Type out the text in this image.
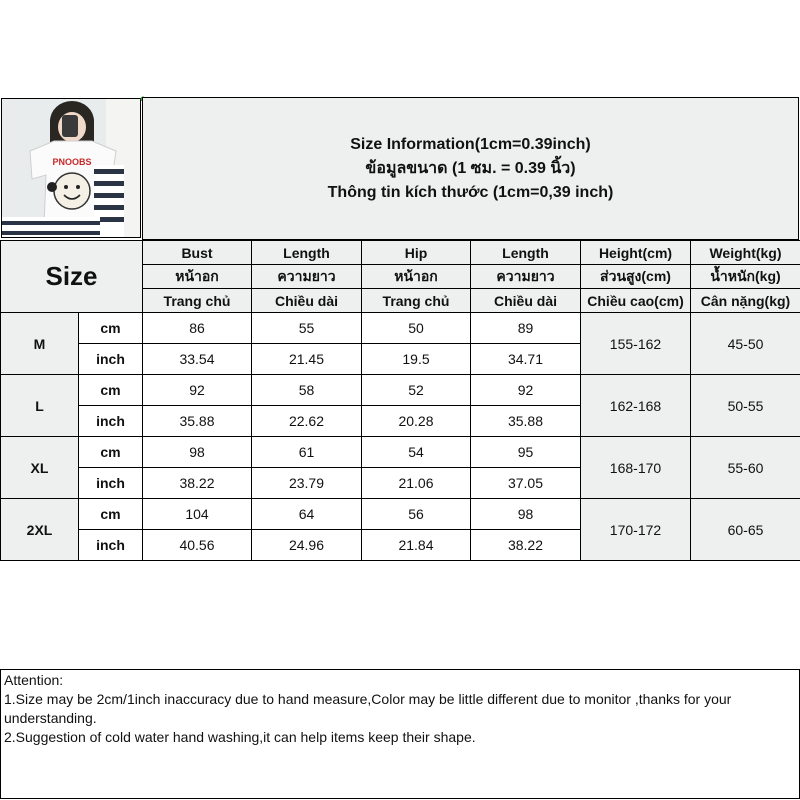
PNOOBS
Size Information(1cm=0.39inch)
ข้อมูลขนาด (1 ซม. = 0.39 นิ้ว)
Thông tin kích thước (1cm=0,39 inch)
Size		Bust	Length	Hip	Length	Height(cm)	Weight(kg)
		หน้าอก	ความยาว	หน้าอก	ความยาว	ส่วนสูง(cm)	น้ำหนัก(kg)
		Trang chủ	Chiều dài	Trang chủ	Chiều dài	Chiều cao(cm)	Cân nặng(kg)
M	cm	86	55	50	89	155-162	45-50
	inch	33.54	21.45	19.5	34.71		
L	cm	92	58	52	92	162-168	50-55
	inch	35.88	22.62	20.28	35.88		
XL	cm	98	61	54	95	168-170	55-60
	inch	38.22	23.79	21.06	37.05		
2XL	cm	104	64	56	98	170-172	60-65
	inch	40.56	24.96	21.84	38.22		
Attention:
1.Size may be 2cm/1inch inaccuracy due to hand measure,Color may be little different due to monitor ,thanks for your understanding.
2.Suggestion of cold water hand washing,it can help items keep their shape.
